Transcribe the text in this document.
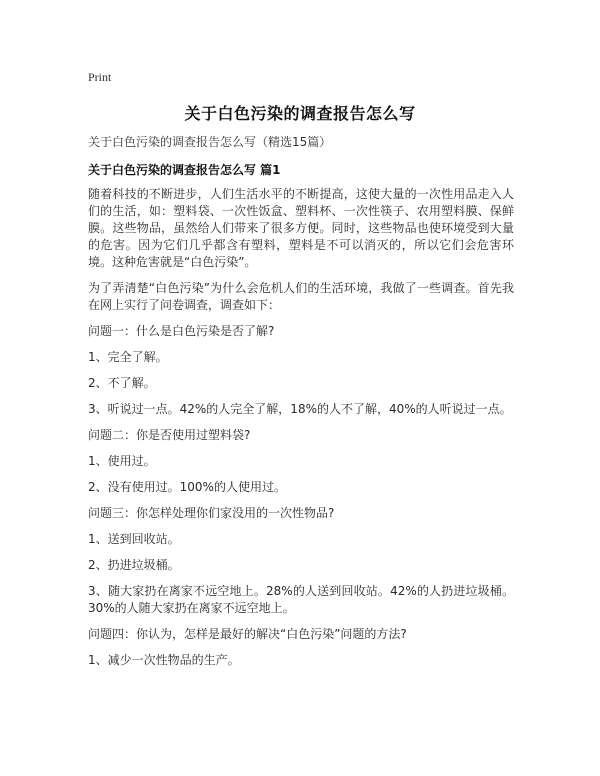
Print
关于白色污染的调查报告怎么写
关于白色污染的调查报告怎么写（精选15篇）
关于白色污染的调查报告怎么写 篇1

随着科技的不断进步，人们生活水平的不断提高，这使大量的一次性用品走入人们的生活，如：塑料袋、一次性饭盒、塑料杯、一次性筷子、农用塑料膜、保鲜膜。这些物品，虽然给人们带来了很多方便。同时，这些物品也使环境受到大量的危害。因为它们几乎都含有塑料，塑料是不可以消灭的，所以它们会危害环境。这种危害就是“白色污染”。

为了弄清楚“白色污染”为什么会危机人们的生活环境，我做了一些调查。首先我在网上实行了问卷调查，调查如下：

问题一：什么是白色污染是否了解?

1、完全了解。

2、不了解。

3、听说过一点。42%的人完全了解，18%的人不了解，40%的人听说过一点。

问题二：你是否使用过塑料袋?

1、使用过。

2、没有使用过。100%的人使用过。

问题三：你怎样处理你们家没用的一次性物品?

1、送到回收站。

2、扔进垃圾桶。

3、随大家扔在离家不远空地上。28%的人送到回收站。42%的人扔进垃圾桶。30%的人随大家扔在离家不远空地上。

问题四：你认为，怎样是最好的解决“白色污染”问题的方法?

1、减少一次性物品的生产。
